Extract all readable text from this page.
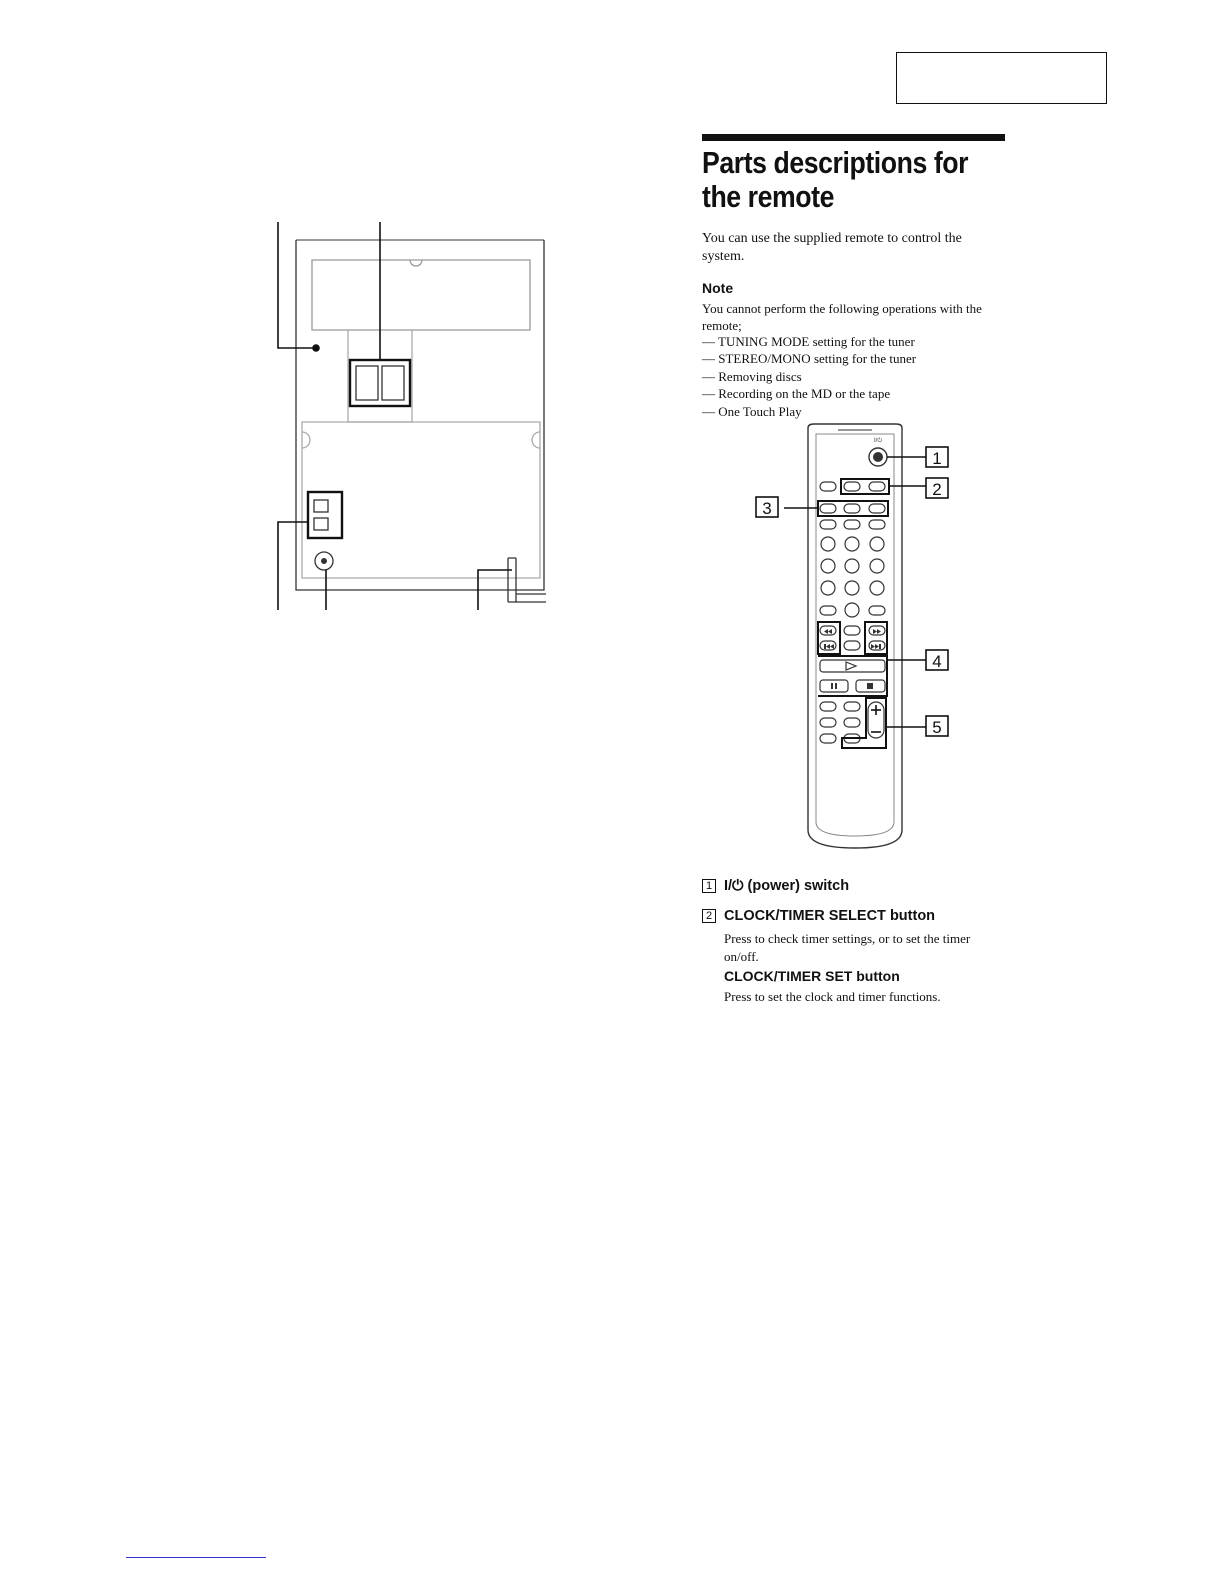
Parts descriptions for
the remote

You can use the supplied remote to control the system.

Note

You cannot perform the following operations with the remote;

— TUNING MODE setting for the tuner
— STEREO/MONO setting for the tuner
— Removing discs
— Recording on the MD or the tape
— One Touch Play
I/⏻
1
2
3
4
5

1 I/⏻ (power) switch

2 CLOCK/TIMER SELECT button

Press to check timer settings, or to set the timer on/off.

CLOCK/TIMER SET button

Press to set the clock and timer functions.
